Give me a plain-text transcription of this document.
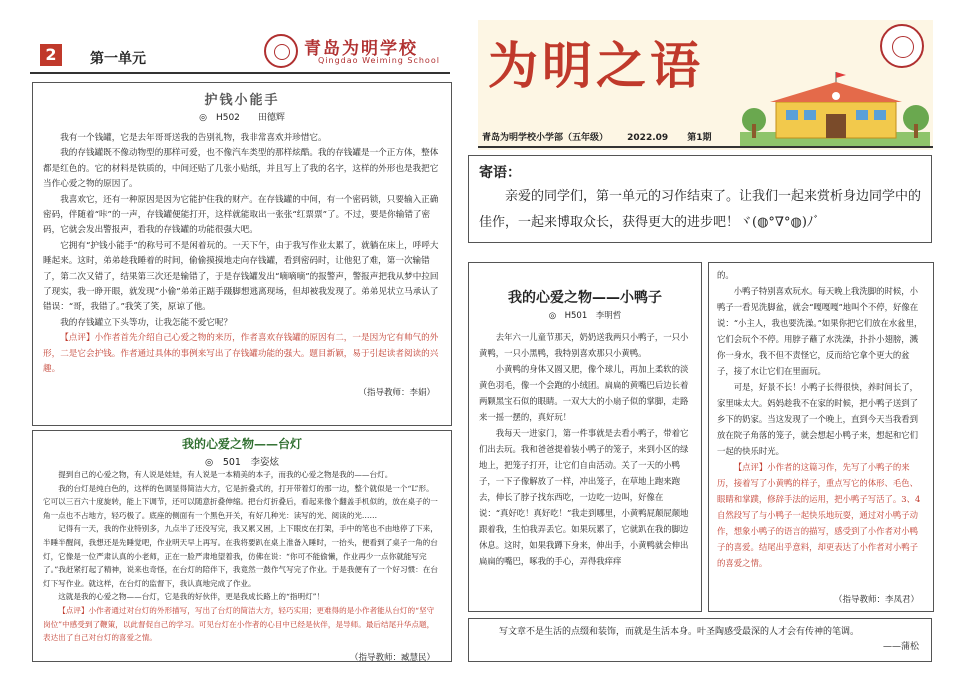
2	第一单元	青岛为明学校
Qingdao Weiming School
护钱小能手
◎　H502　　田德辉

我有一个钱罐，它是去年哥哥送我的告别礼物，我非常喜欢并珍惜它。

我的存钱罐既不像动物型的那样可爱，也不像汽车类型的那样炫酷。我的存钱罐是一个正方体，整体都是红色的。它的材料是铁质的，中间还贴了几张小贴纸，并且写上了我的名字，这样的外形也是我把它当作心爱之物的原因了。

我喜欢它，还有一种原因是因为它能护住我的财产。在存钱罐的中间，有一个密码锁，只要输入正确密码，伴随着“咔”的一声，存钱罐便能打开，这样就能取出一张张“红票票”了。不过，要是你输错了密码，它就会发出警报声，看我的存钱罐的功能很强大吧。

它拥有“护钱小能手”的称号可不是闲着玩的。一天下午，由于我写作业太累了，就躺在床上，呼呼大睡起来。这时，弟弟趁我睡着的时间，偷偷摸摸地走向存钱罐，看到密码时，让他犯了难，第一次输错了，第二次又错了，结果第三次还是输错了，于是存钱罐发出“嘀嘀嘀”的报警声，警报声把我从梦中拉回了现实，我一睁开眼，就发现“小偷”弟弟正踮手蹑脚想逃离现场，但却被我发现了。弟弟见状立马承认了错误：“哥，我错了。”我笑了笑，原谅了他。

我的存钱罐立下头等功，让我怎能不爱它呢？

【点评】小作者首先介绍自己心爱之物的来历，作者喜欢存钱罐的原因有二，一是因为它有帅气的外形，二是它会护钱。作者通过具体的事例来写出了存钱罐功能的强大。题目新颖，易于引起读者阅读的兴趣。

（指导教师：李娟）
我的心爱之物——台灯
◎　501　李姿炫

提到自己的心爱之物，有人说是娃娃，有人说是一本精美的本子，而我的心爱之物是我的——台灯。

我的台灯是纯白色的，这样的色调显得简洁大方，它是折叠式的，打开带着灯的那一边，整个就似是一个“L”形。它可以三百六十度旋转，能上下调节，还可以随意折叠伸缩。把台灯折叠后，看起来像个翻盖手机似的，放在桌子的一角一点也不占地方，轻巧极了。底座的侧面有一个黑色开关，有好几种光：读写的光、阅读的光……

记得有一天，我的作业特别多，九点半了还没写完，我又累又困，上下眼皮在打架，手中的笔也不由地停了下来，半睡半醒间，我想还是先睡觉吧，作业明天早上再写。在我将要趴在桌上准备入睡时，一抬头，便看到了桌子一角的台灯，它像是一位严肃认真的小老师，正在一脸严肃地望着我，仿佛在说：“你可不能偷懒，作业再少一点你就能写完了。”我赶紧打起了精神，说来也奇怪，在台灯的陪伴下，我竟然一鼓作气写完了作业。于是我便有了一个好习惯：在台灯下写作业。就这样，在台灯的监督下，我认真地完成了作业。

这就是我的心爱之物——台灯，它是我的好伙伴，更是我成长路上的“指明灯”！

【点评】小作者通过对台灯的外形描写，写出了台灯的简洁大方，轻巧实用；更难得的是小作者能从台灯的“坚守岗位”中感受到了鞭策，以此督促自己的学习。可见台灯在小作者的心目中已经是伙伴，是导师。最后结尾升华点题，表达出了自己对台灯的喜爱之情。

（指导教师：臧慧民）
为明之语
青岛为明学校小学部（五年级） 2022.09 第1期
寄语：
亲爱的同学们，第一单元的习作结束了。让我们一起来赏析身边同学中的佳作，一起来博取众长，获得更大的进步吧！ヾ(◍°∇°◍)ﾉﾞ
我的心爱之物——小鸭子
◎　H501　李明哲

去年六一儿童节那天，奶奶送我两只小鸭子，一只小黄鸭，一只小黑鸭，我特别喜欢那只小黄鸭。

小黄鸭的身体又圆又肥，像个球儿，再加上柔软的淡黄色羽毛，像一个会跑的小绒团。扁扁的黄嘴巴后边长着两颗黑宝石似的眼睛。一双大大的小扇子似的掌脚，走路来一摇一摆的，真好玩！

我每天一进家门，第一件事就是去看小鸭子，带着它们出去玩。我和爸爸提着装小鸭子的笼子，来到小区的绿地上，把笼子打开，让它们自由活动。关了一天的小鸭子，一下子像解放了一样，冲出笼子，在草地上跑来跑去，伸长了脖子找东西吃，一边吃一边叫，好像在说：“真好吃！真好吃！”我走到哪里，小黄鸭屁颠屁颠地跟着我，生怕我弄丢它。如果玩累了，它就趴在我的脚边休息。这时，如果我蹲下身来，伸出手，小黄鸭就会伸出扁扁的嘴巴，啄我的手心，弄得我痒痒

的。

小鸭子特别喜欢玩水。每天晚上我洗脚的时候，小鸭子一看见洗脚盆，就会“嘎嘎嘎”地叫个不停，好像在说：“小主人，我也要洗澡。”如果你把它们放在水盆里，它们会玩个不停。用脖子蘸了水洗澡，扑扑小翅膀，溅你一身水，我不但不责怪它，反而给它拿个更大的盆子，接了水让它们在里面玩。

可是，好景不长！小鸭子长得很快，养时间长了，家里味太大。妈妈趁我不在家的时候，把小鸭子送到了乡下的奶家。当这发现了一个晚上，直到今天当我看到放在院子角落的笼子，就会想起小鸭子来，想起和它们一起的快乐时光。

【点评】小作者的这篇习作，先写了小鸭子的来历，接着写了小黄鸭的样子，重点写它的体形、毛色、眼睛和掌蹼，修辞手法的运用，把小鸭子写活了。3、4自然段写了与小鸭子一起快乐地玩耍，通过对小鸭子动作，想象小鸭子的语言的描写，感受到了小作者对小鸭子的喜爱。结尾出乎意料，却更表达了小作者对小鸭子的喜爱之情。

（指导教师：李凤君）

写文章不是生活的点缀和装饰，而就是生活本身。叶圣陶感受最深的人才会有传神的笔调。

——蒲松
